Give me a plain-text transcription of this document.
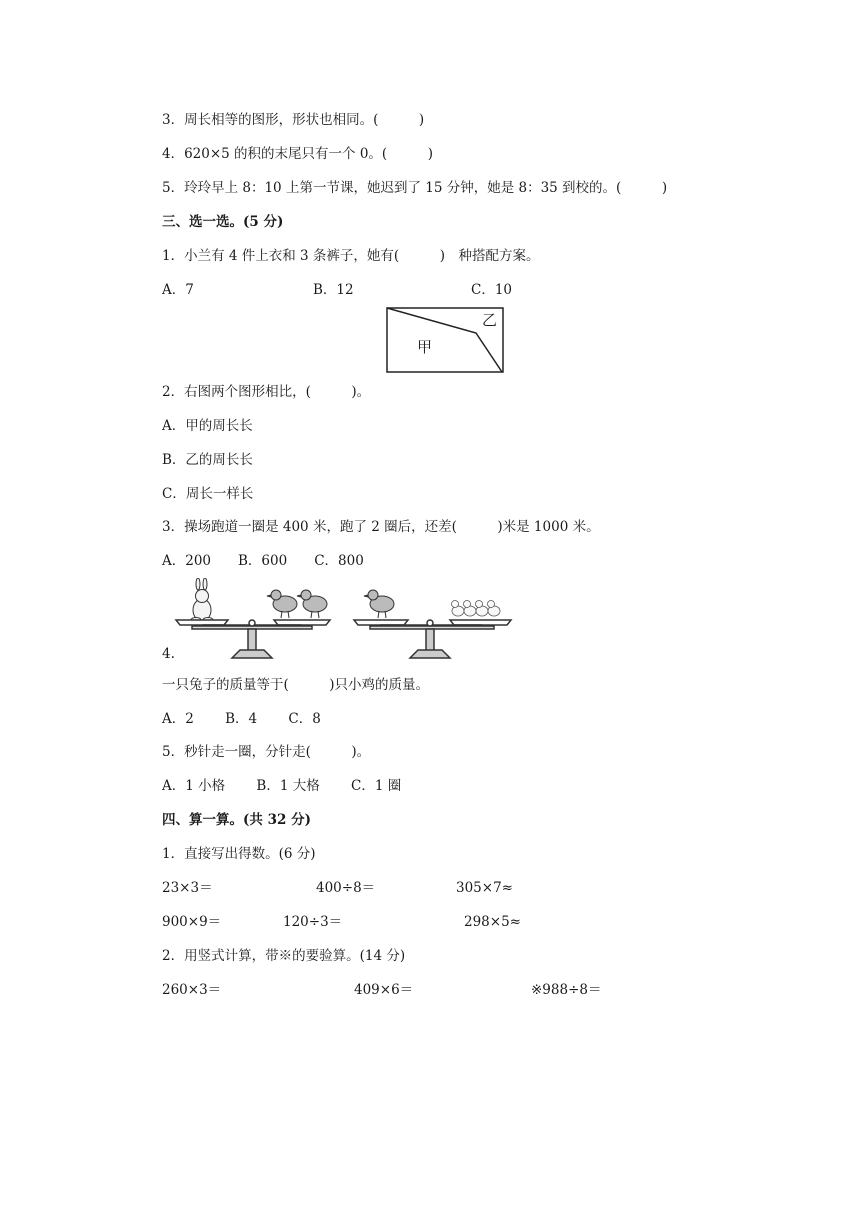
3．周长相等的图形，形状也相同。(　　　)
4．620×5 的积的末尾只有一个 0。(　　　)
5．玲玲早上 8：10 上第一节课，她迟到了 15 分钟，她是 8：35 到校的。(　　　)
三、选一选。(5 分)
1．小兰有 4 件上衣和 3 条裤子，她有(　　　)　种搭配方案。
A．7	B．12	C．10
甲
乙
2．右图两个图形相比，(　　　)。
A．甲的周长长
B．乙的周长长
C．周长一样长
3．操场跑道一圈是 400 米，跑了 2 圈后，还差(　　　)米是 1000 米。
A．200　　B．600　　C．800
4.
一只兔子的质量等于(　　　)只小鸡的质量。
A．2　　 B．4　　 C．8
5．秒针走一圈，分针走(　　　)。
A．1 小格　　 B．1 大格　　 C．1 圈
四、算一算。(共 32 分)
1．直接写出得数。(6 分)
23×3＝	400÷8＝	305×7≈
900×9＝	120÷3＝	298×5≈
2．用竖式计算，带※的要验算。(14 分)
260×3＝	409×6＝	※988÷8＝
